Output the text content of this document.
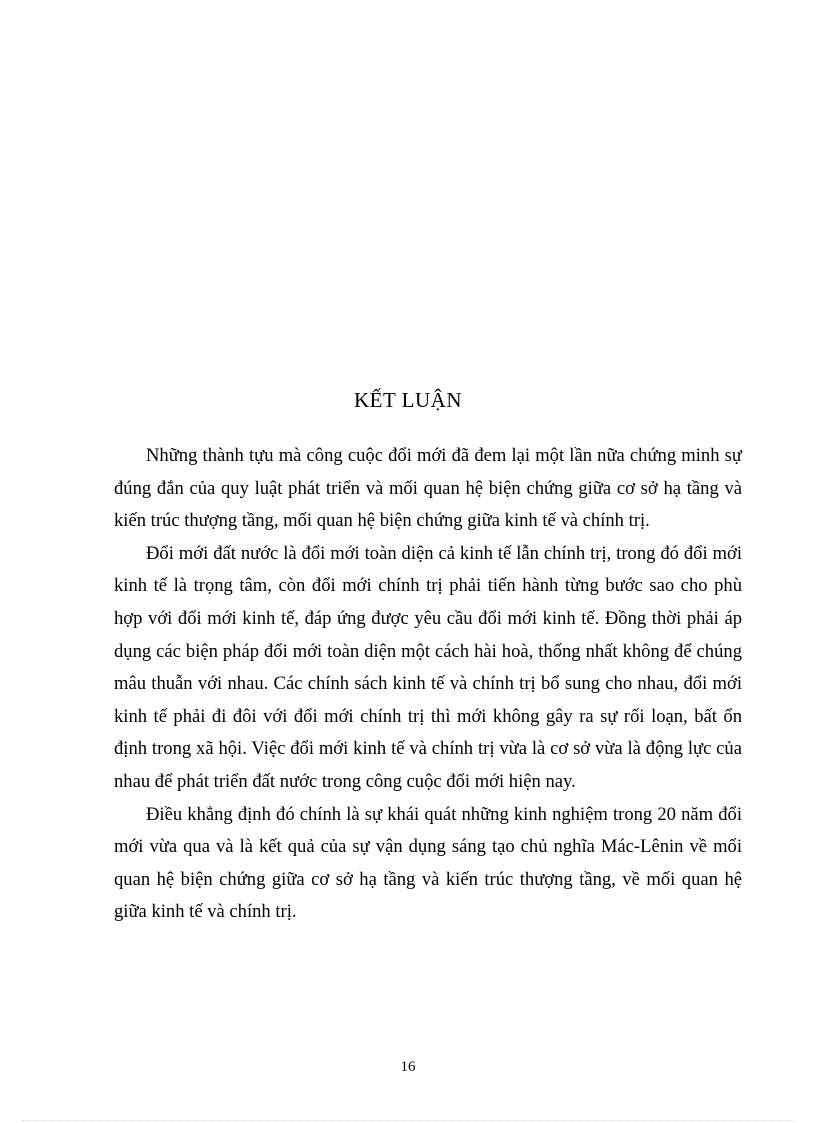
KẾT LUẬN

Những thành tựu mà công cuộc đổi mới đã đem lại một lần nữa chứng minh sự đúng đắn của quy luật phát triển và mối quan hệ biện chứng giữa cơ sở hạ tầng và kiến trúc thượng tầng, mối quan hệ biện chứng giữa kinh tế và chính trị.

Đổi mới đất nước là đổi mới toàn diện cả kinh tế lẫn chính trị, trong đó đổi mới kinh tế là trọng tâm, còn đổi mới chính trị phải tiến hành từng bước sao cho phù hợp với đổi mới kinh tế, đáp ứng được yêu cầu đổi mới kinh tế. Đồng thời phải áp dụng các biện pháp đổi mới toàn diện một cách hài hoà, thống nhất không để chúng mâu thuẫn với nhau. Các chính sách kinh tế và chính trị bổ sung cho nhau, đổi mới kinh tế phải đi đôi với đổi mới chính trị thì mới không gây ra sự rối loạn, bất ổn định trong xã hội. Việc đổi mới kinh tế và chính trị vừa là cơ sở vừa là động lực của nhau để phát triển đất nước trong công cuộc đổi mới hiện nay.

Điều khẳng định đó chính là sự khái quát những kinh nghiệm trong 20 năm đổi mới vừa qua và là kết quả của sự vận dụng sáng tạo chủ nghĩa Mác-Lênin về mối quan hệ biện chứng giữa cơ sở hạ tầng và kiến trúc thượng tầng, về mối quan hệ giữa kinh tế và chính trị.

16
